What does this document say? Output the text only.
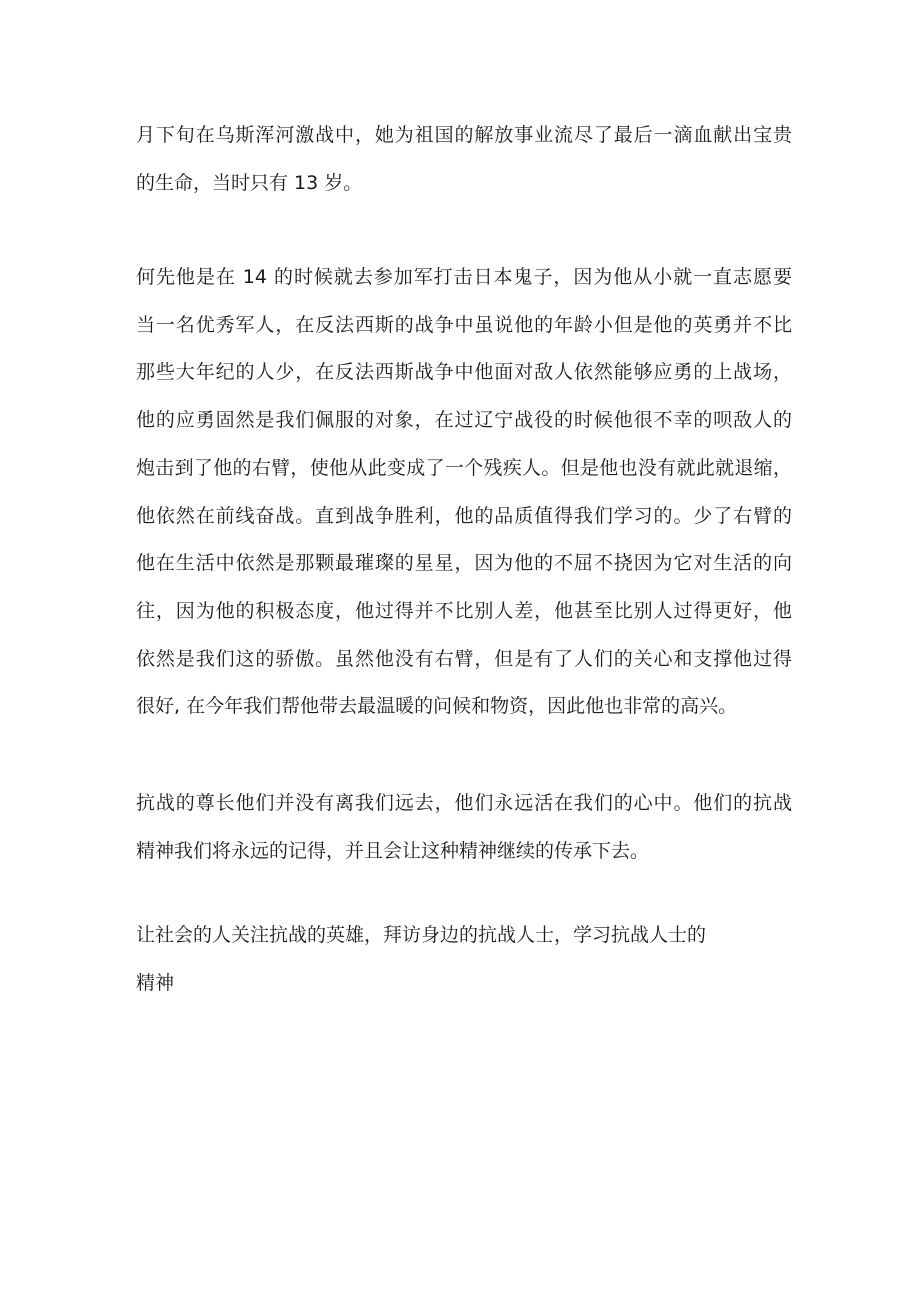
月下旬在乌斯浑河激战中，她为祖国的解放事业流尽了最后一滴血献出宝贵
的生命，当时只有 13 岁。

何先他是在 14 的时候就去参加军打击日本鬼子，因为他从小就一直志愿要
当一名优秀军人，在反法西斯的战争中虽说他的年龄小但是他的英勇并不比
那些大年纪的人少，在反法西斯战争中他面对敌人依然能够应勇的上战场，
他的应勇固然是我们佩服的对象，在过辽宁战役的时候他很不幸的呗敌人的
炮击到了他的右臂，使他从此变成了一个残疾人。但是他也没有就此就退缩，
他依然在前线奋战。直到战争胜利，他的品质值得我们学习的。少了右臂的
他在生活中依然是那颗最璀璨的星星，因为他的不屈不挠因为它对生活的向
往，因为他的积极态度，他过得并不比别人差，他甚至比别人过得更好，他
依然是我们这的骄傲。虽然他没有右臂，但是有了人们的关心和支撑他过得
很好, 在今年我们帮他带去最温暖的问候和物资，因此他也非常的高兴。

抗战的尊长他们并没有离我们远去，他们永远活在我们的心中。他们的抗战
精神我们将永远的记得，并且会让这种精神继续的传承下去。

让社会的人关注抗战的英雄，拜访身边的抗战人士，学习抗战人士的
精神
